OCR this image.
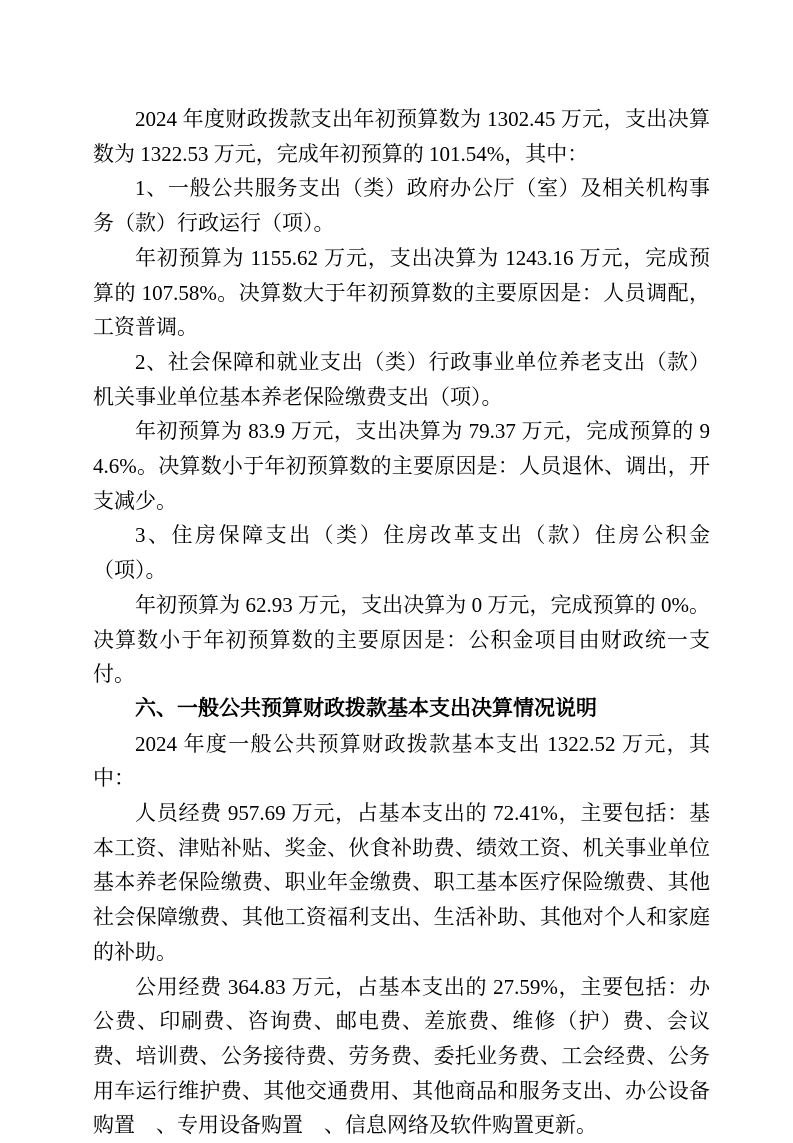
2024 年度财政拨款支出年初预算数为 1302.45 万元，支出决算数为 1322.53 万元，完成年初预算的 101.54%，其中：

1、一般公共服务支出（类）政府办公厅（室）及相关机构事务（款）行政运行（项）。

年初预算为 1155.62 万元，支出决算为 1243.16 万元，完成预算的 107.58%。决算数大于年初预算数的主要原因是：人员调配，工资普调。

2、社会保障和就业支出（类）行政事业单位养老支出（款）机关事业单位基本养老保险缴费支出（项）。

年初预算为 83.9 万元，支出决算为 79.37 万元，完成预算的 94.6%。决算数小于年初预算数的主要原因是：人员退休、调出，开支减少。

3、住房保障支出（类）住房改革支出（款）住房公积金（项）。

年初预算为 62.93 万元，支出决算为 0 万元，完成预算的 0%。决算数小于年初预算数的主要原因是：公积金项目由财政统一支付。

六、一般公共预算财政拨款基本支出决算情况说明

2024 年度一般公共预算财政拨款基本支出 1322.52 万元，其中：

人员经费 957.69 万元，占基本支出的 72.41%，主要包括：基本工资、津贴补贴、奖金、伙食补助费、绩效工资、机关事业单位基本养老保险缴费、职业年金缴费、职工基本医疗保险缴费、其他社会保障缴费、其他工资福利支出、生活补助、其他对个人和家庭的补助。

公用经费 364.83 万元，占基本支出的 27.59%，主要包括：办公费、印刷费、咨询费、邮电费、差旅费、维修（护）费、会议费、培训费、公务接待费、劳务费、委托业务费、工会经费、公务用车运行维护费、其他交通费用、其他商品和服务支出、办公设备购置　、专用设备购置　、信息网络及软件购置更新。
